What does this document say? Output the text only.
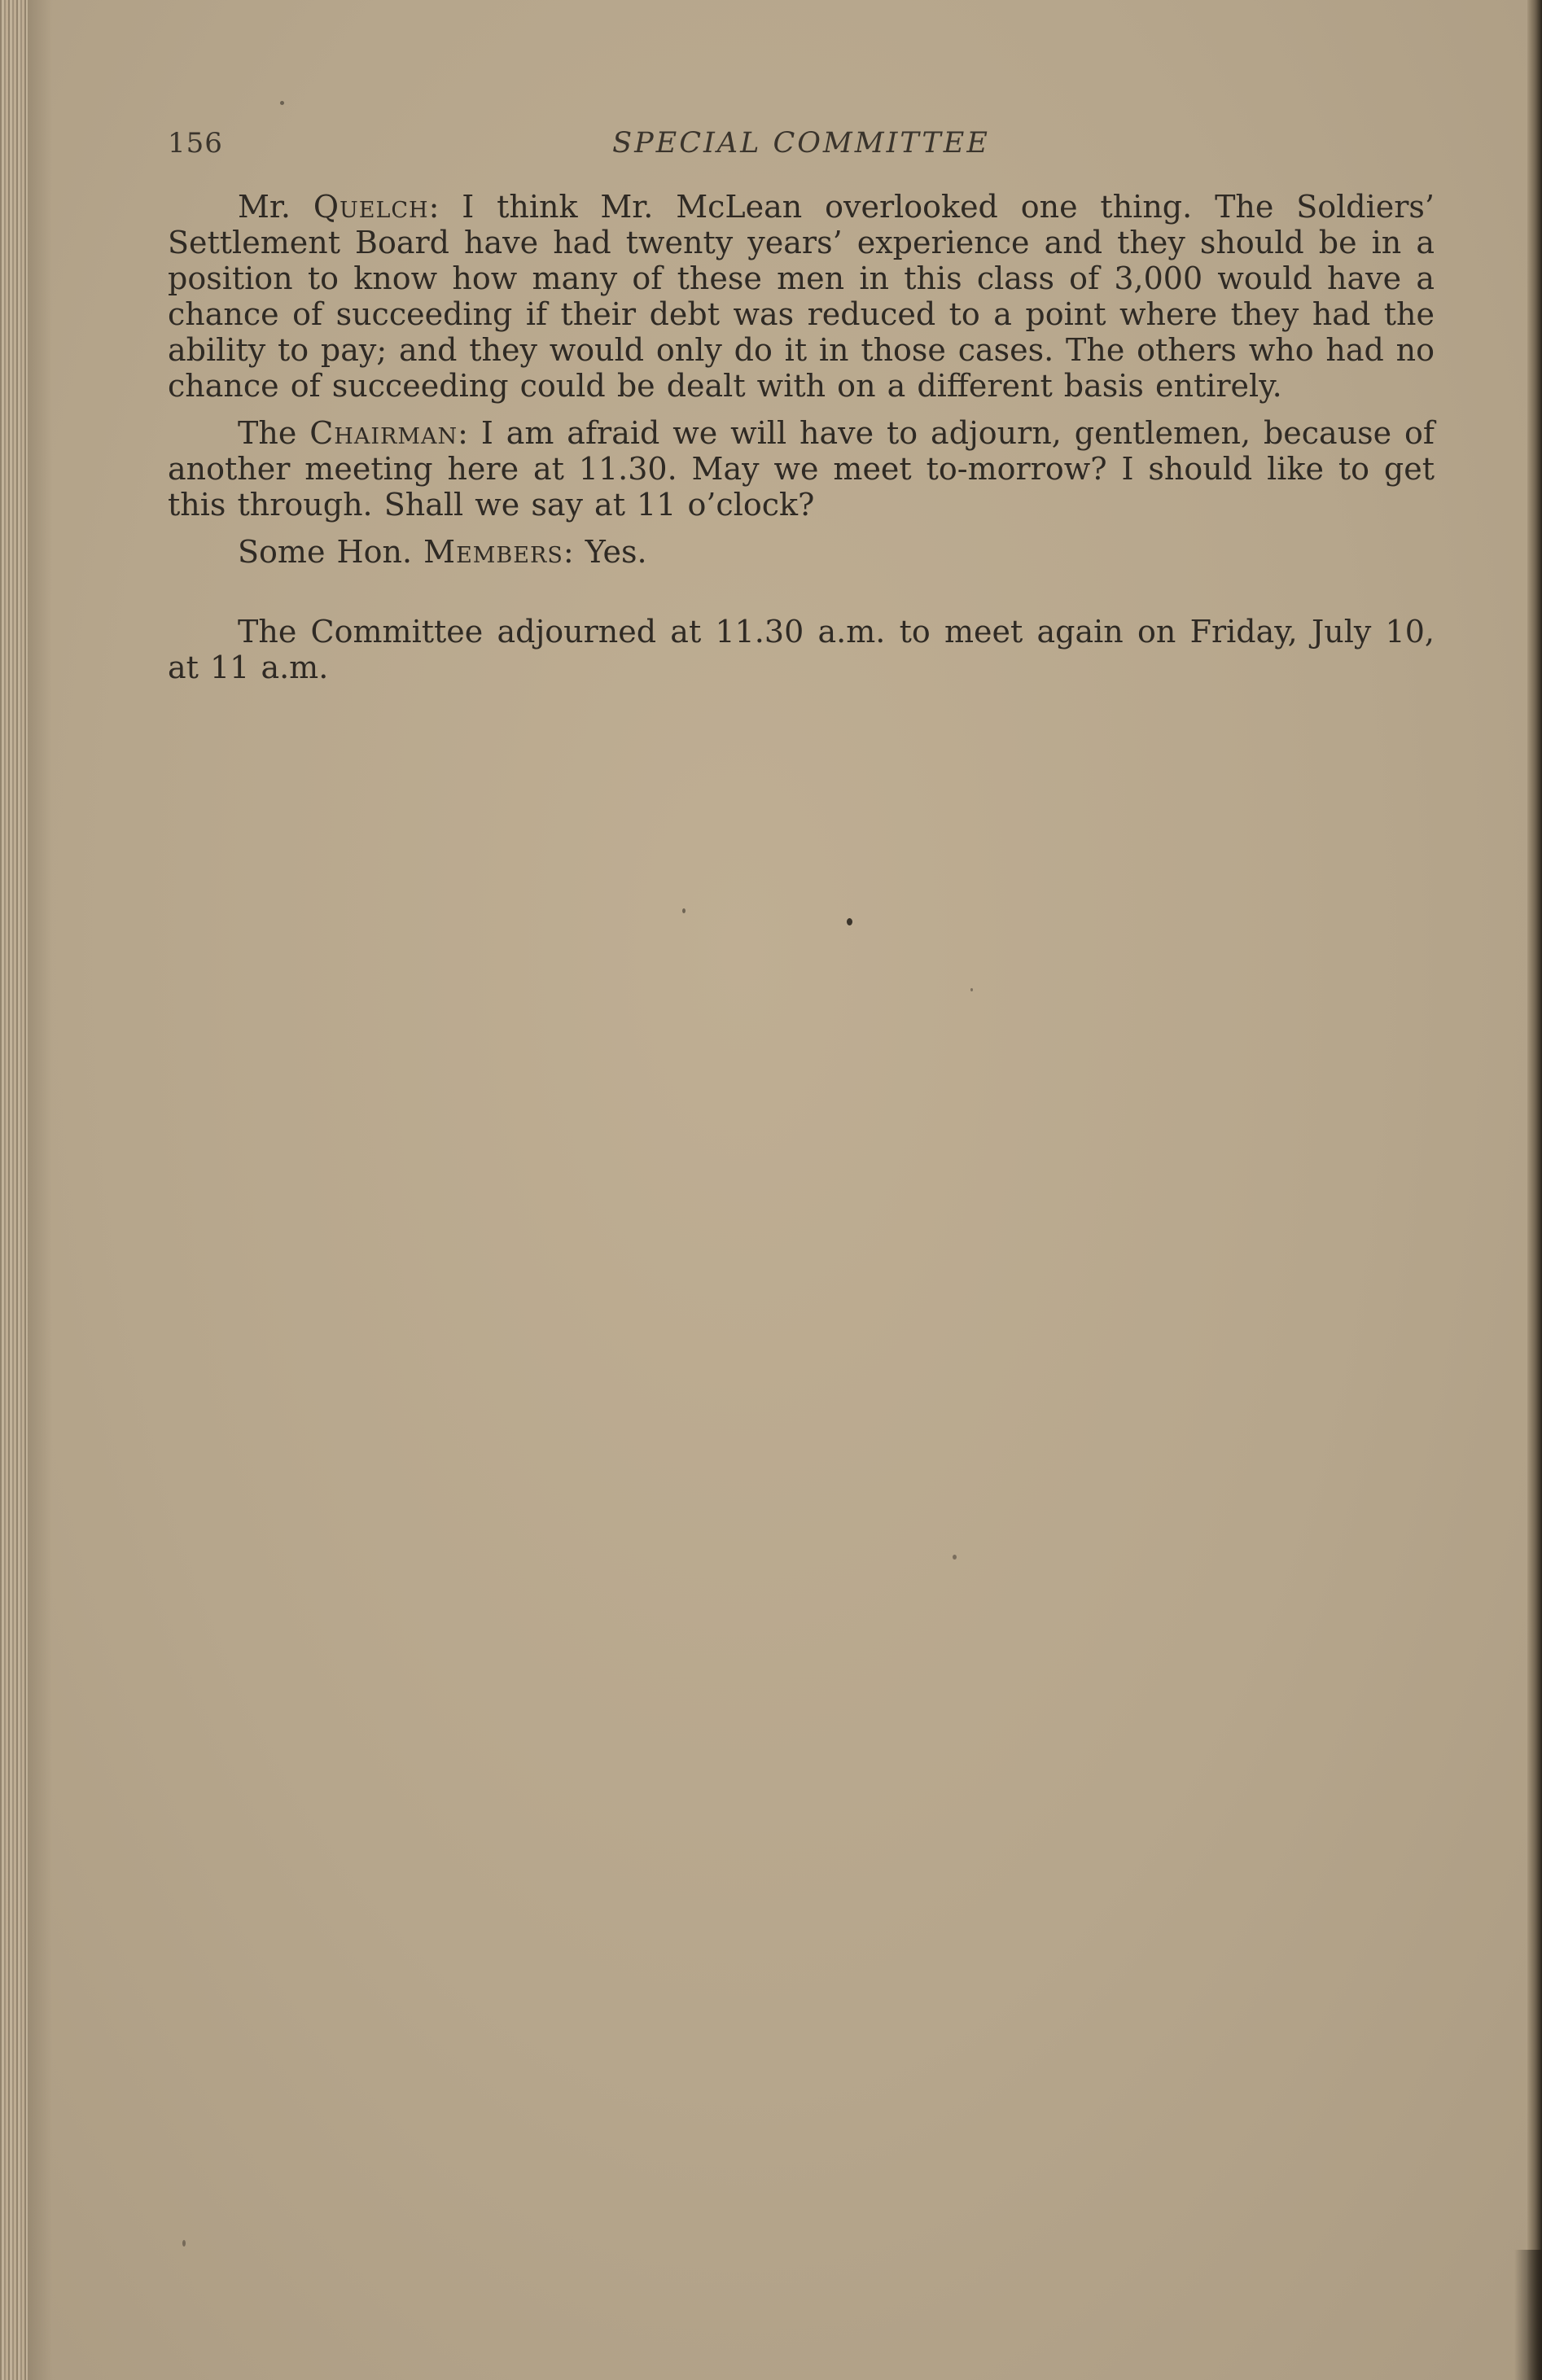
156	SPECIAL COMMITTEE

Mr. Quelch: I think Mr. McLean overlooked one thing. The Soldiers’ Settlement Board have had twenty years’ experience and they should be in a position to know how many of these men in this class of 3,000 would have a chance of succeeding if their debt was reduced to a point where they had the ability to pay; and they would only do it in those cases. The others who had no chance of succeeding could be dealt with on a different basis entirely.

The Chairman: I am afraid we will have to adjourn, gentlemen, because of another meeting here at 11.30. May we meet to-morrow? I should like to get this through. Shall we say at 11 o’clock?

Some Hon. Members: Yes.

The Committee adjourned at 11.30 a.m. to meet again on Friday, July 10, at 11 a.m.
